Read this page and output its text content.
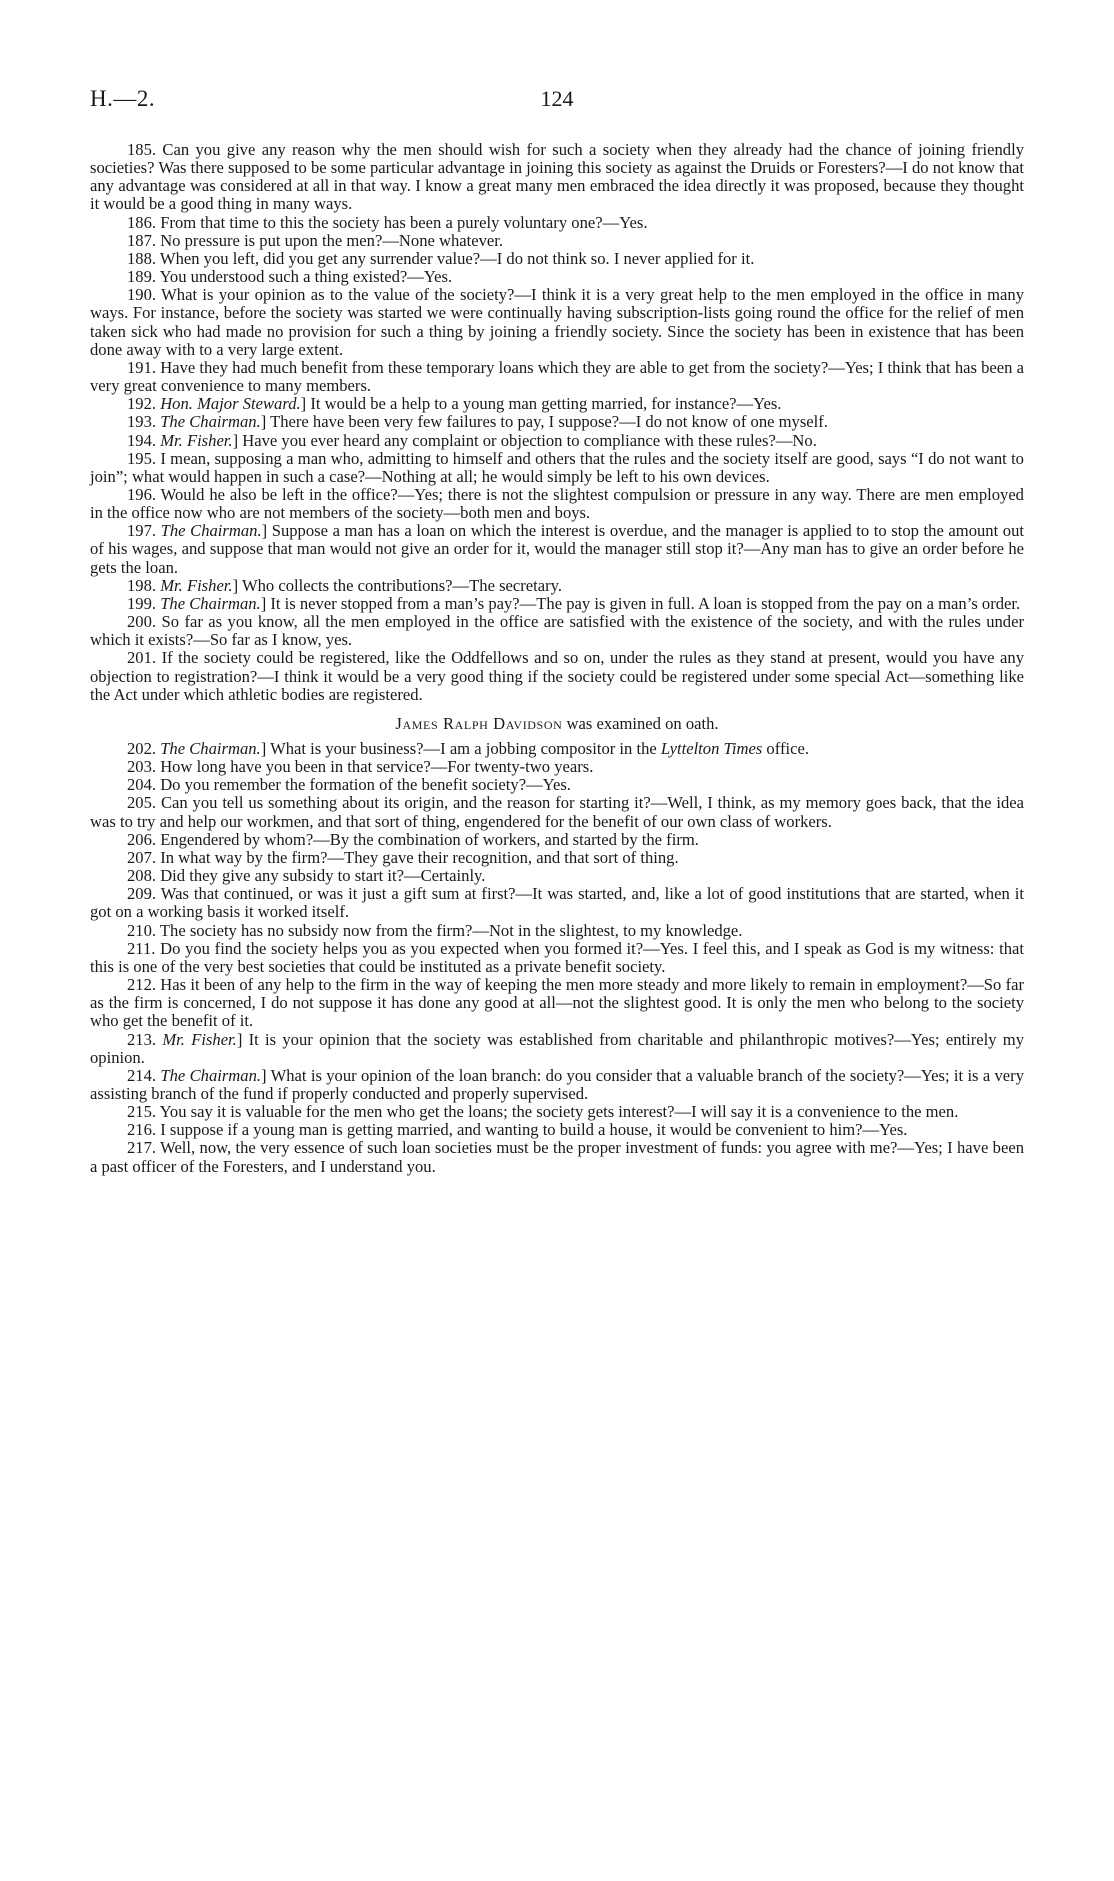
H.—2.	124

185. Can you give any reason why the men should wish for such a society when they already had the chance of joining friendly societies? Was there supposed to be some particular advantage in joining this society as against the Druids or Foresters?—I do not know that any advantage was considered at all in that way. I know a great many men embraced the idea directly it was proposed, because they thought it would be a good thing in many ways.

186. From that time to this the society has been a purely voluntary one?—Yes.

187. No pressure is put upon the men?—None whatever.

188. When you left, did you get any surrender value?—I do not think so. I never applied for it.

189. You understood such a thing existed?—Yes.

190. What is your opinion as to the value of the society?—I think it is a very great help to the men employed in the office in many ways. For instance, before the society was started we were continually having subscription-lists going round the office for the relief of men taken sick who had made no provision for such a thing by joining a friendly society. Since the society has been in existence that has been done away with to a very large extent.

191. Have they had much benefit from these temporary loans which they are able to get from the society?—Yes; I think that has been a very great convenience to many members.

192. Hon. Major Steward.] It would be a help to a young man getting married, for instance?—Yes.

193. The Chairman.] There have been very few failures to pay, I suppose?—I do not know of one myself.

194. Mr. Fisher.] Have you ever heard any complaint or objection to compliance with these rules?—No.

195. I mean, supposing a man who, admitting to himself and others that the rules and the society itself are good, says “I do not want to join”; what would happen in such a case?—Nothing at all; he would simply be left to his own devices.

196. Would he also be left in the office?—Yes; there is not the slightest compulsion or pressure in any way. There are men employed in the office now who are not members of the society—both men and boys.

197. The Chairman.] Suppose a man has a loan on which the interest is overdue, and the manager is applied to to stop the amount out of his wages, and suppose that man would not give an order for it, would the manager still stop it?—Any man has to give an order before he gets the loan.

198. Mr. Fisher.] Who collects the contributions?—The secretary.

199. The Chairman.] It is never stopped from a man’s pay?—The pay is given in full. A loan is stopped from the pay on a man’s order.

200. So far as you know, all the men employed in the office are satisfied with the existence of the society, and with the rules under which it exists?—So far as I know, yes.

201. If the society could be registered, like the Oddfellows and so on, under the rules as they stand at present, would you have any objection to registration?—I think it would be a very good thing if the society could be registered under some special Act—something like the Act under which athletic bodies are registered.

James Ralph Davidson was examined on oath.

202. The Chairman.] What is your business?—I am a jobbing compositor in the Lyttelton Times office.

203. How long have you been in that service?—For twenty-two years.

204. Do you remember the formation of the benefit society?—Yes.

205. Can you tell us something about its origin, and the reason for starting it?—Well, I think, as my memory goes back, that the idea was to try and help our workmen, and that sort of thing, engendered for the benefit of our own class of workers.

206. Engendered by whom?—By the combination of workers, and started by the firm.

207. In what way by the firm?—They gave their recognition, and that sort of thing.

208. Did they give any subsidy to start it?—Certainly.

209. Was that continued, or was it just a gift sum at first?—It was started, and, like a lot of good institutions that are started, when it got on a working basis it worked itself.

210. The society has no subsidy now from the firm?—Not in the slightest, to my knowledge.

211. Do you find the society helps you as you expected when you formed it?—Yes. I feel this, and I speak as God is my witness: that this is one of the very best societies that could be instituted as a private benefit society.

212. Has it been of any help to the firm in the way of keeping the men more steady and more likely to remain in employment?—So far as the firm is concerned, I do not suppose it has done any good at all—not the slightest good. It is only the men who belong to the society who get the benefit of it.

213. Mr. Fisher.] It is your opinion that the society was established from charitable and philanthropic motives?—Yes; entirely my opinion.

214. The Chairman.] What is your opinion of the loan branch: do you consider that a valuable branch of the society?—Yes; it is a very assisting branch of the fund if properly conducted and properly supervised.

215. You say it is valuable for the men who get the loans; the society gets interest?—I will say it is a convenience to the men.

216. I suppose if a young man is getting married, and wanting to build a house, it would be convenient to him?—Yes.

217. Well, now, the very essence of such loan societies must be the proper investment of funds: you agree with me?—Yes; I have been a past officer of the Foresters, and I understand you.
